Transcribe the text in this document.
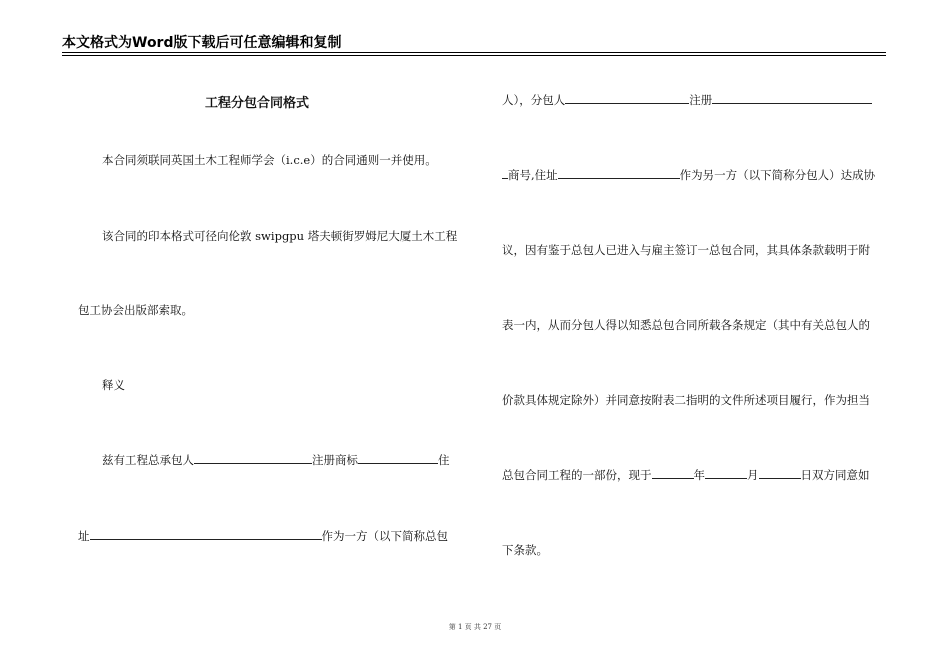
本文格式为Word版下载后可任意编辑和复制
工程分包合同格式
本合同须联同英国土木工程师学会（i.c.e）的合同通则一并使用。
该合同的印本格式可径向伦敦 swipgpu 塔夫顿街罗姆尼大厦土木工程
包工协会出版部索取。
释义
兹有工程总承包人	注册商标	住
址	作为一方（以下简称总包
人），分包人	注册
商号,住址	作为另一方（以下简称分包人）达成协
议，因有鉴于总包人已进入与雇主签订一总包合同，其具体条款载明于附
表一内，从而分包人得以知悉总包合同所载各条规定（其中有关总包人的
价款具体规定除外）并同意按附表二指明的文件所述项目履行，作为担当
总包合同工程的一部份，现于	年	月	日双方同意如
下条款。
第 1 页 共 27 页
